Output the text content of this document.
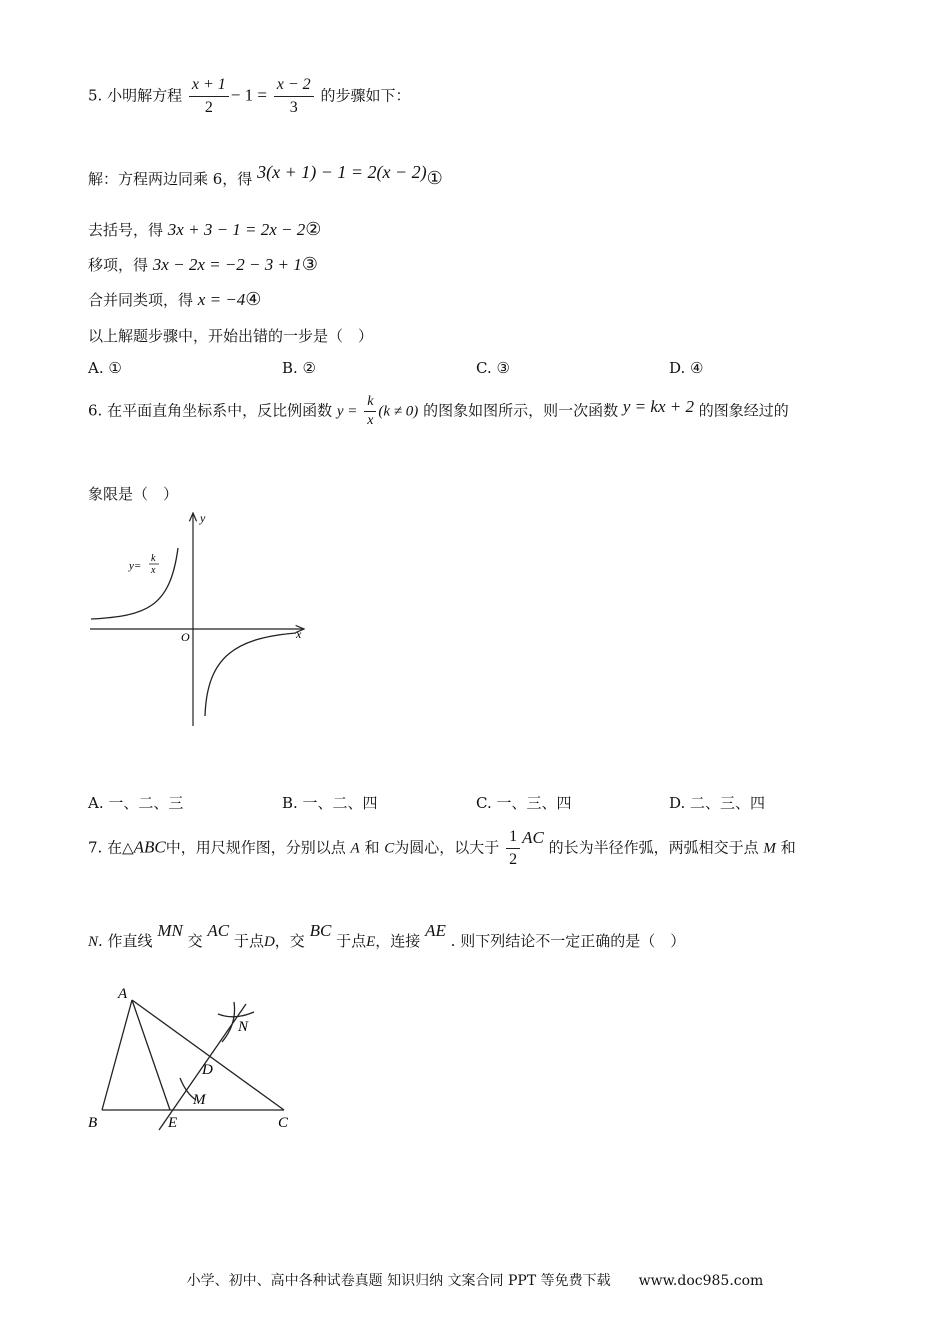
5. 小明解方程 $\frac{x + 1}{2} - 1 = \frac{x - 2}{3}$ 的步骤如下：
解：方程两边同乘 6，得 3(x + 1) − 1 = 2(x − 2)①
去括号，得 3x + 3 − 1 = 2x − 2②
移项，得 3x − 2x = −2 − 3 + 1③
合并同类项，得 x = −4④
以上解题步骤中，开始出错的一步是（　）
A. ①	B. ②	C. ③	D. ④
6. 在平面直角坐标系中，反比例函数 $y = \frac{k}{x} (k \ne 0)$ 的图象如图所示，则一次函数 y = kx + 2 的图象经过的
象限是（　）
y
x
O
y=
k
x
A. 一、二、三	B. 一、二、四	C. 一、三、四	D. 二、三、四
7. 在△ABC中，用尺规作图，分别以点 A 和 C为圆心，以大于 $\frac{1}{2}$ AC 的长为半径作弧，两弧相交于点 M 和
N. 作直线 MN 交 AC 于点D，交 BC 于点E，连接 AE . 则下列结论不一定正确的是（　）
A
B	C
D
E
M
N
小学、初中、高中各种试卷真题 知识归纳 文案合同 PPT 等免费下载　　www.doc985.com
